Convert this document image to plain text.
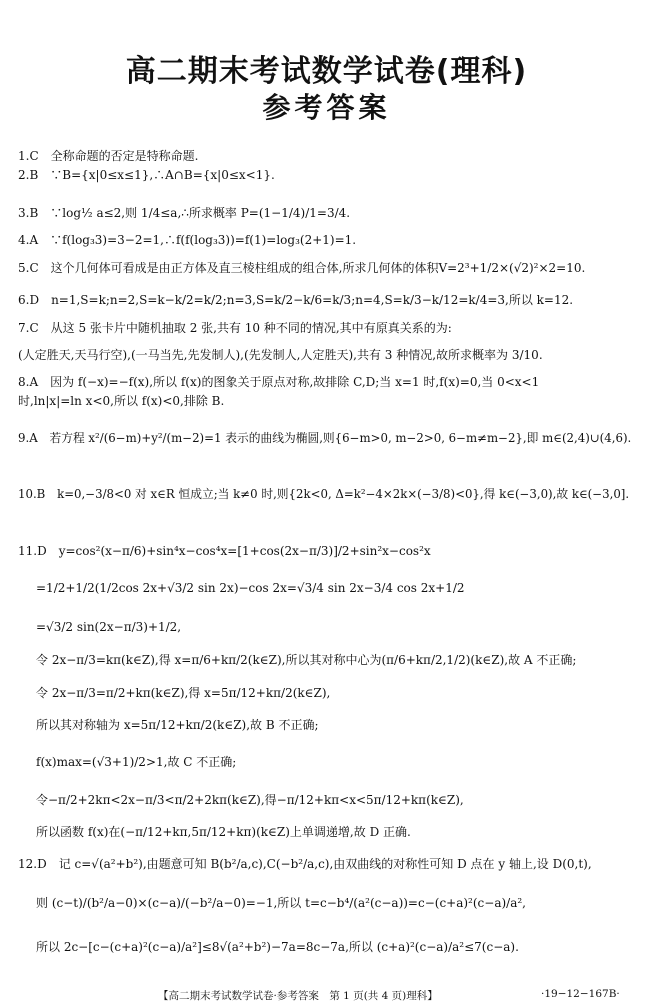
高二期末考试数学试卷(理科)
参考答案
1.C　全称命题的否定是特称命题.
2.B　∵B={x|0≤x≤1},∴A∩B={x|0≤x<1}.
3.B　∵log½ a≤2,则 1/4≤a,∴所求概率 P=(1−1/4)/1=3/4.
4.A　∵f(log₃3)=3−2=1,∴f(f(log₃3))=f(1)=log₃(2+1)=1.
5.C　这个几何体可看成是由正方体及直三棱柱组成的组合体,所求几何体的体积V=2³+1/2×(√2)²×2=10.
6.D　n=1,S=k;n=2,S=k−k/2=k/2;n=3,S=k/2−k/6=k/3;n=4,S=k/3−k/12=k/4=3,所以 k=12.
7.C　从这 5 张卡片中随机抽取 2 张,共有 10 种不同的情况,其中有原真关系的为:
(人定胜天,天马行空),(一马当先,先发制人),(先发制人,人定胜天),共有 3 种情况,故所求概率为 3/10.
8.A　因为 f(−x)=−f(x),所以 f(x)的图象关于原点对称,故排除 C,D;当 x=1 时,f(x)=0,当 0<x<1
时,ln|x|=ln x<0,所以 f(x)<0,排除 B.
9.A　若方程 x²/(6−m)+y²/(m−2)=1 表示的曲线为椭圆,则{6−m>0, m−2>0, 6−m≠m−2},即 m∈(2,4)∪(4,6).
10.B　k=0,−3/8<0 对 x∈R 恒成立;当 k≠0 时,则{2k<0, Δ=k²−4×2k×(−3/8)<0},得 k∈(−3,0),故 k∈(−3,0].
11.D　y=cos²(x−π/6)+sin⁴x−cos⁴x=[1+cos(2x−π/3)]/2+sin²x−cos²x
=1/2+1/2(1/2cos 2x+√3/2 sin 2x)−cos 2x=√3/4 sin 2x−3/4 cos 2x+1/2
=√3/2 sin(2x−π/3)+1/2,
令 2x−π/3=kπ(k∈Z),得 x=π/6+kπ/2(k∈Z),所以其对称中心为(π/6+kπ/2,1/2)(k∈Z),故 A 不正确;
令 2x−π/3=π/2+kπ(k∈Z),得 x=5π/12+kπ/2(k∈Z),
所以其对称轴为 x=5π/12+kπ/2(k∈Z),故 B 不正确;
f(x)max=(√3+1)/2>1,故 C 不正确;
令−π/2+2kπ<2x−π/3<π/2+2kπ(k∈Z),得−π/12+kπ<x<5π/12+kπ(k∈Z),
所以函数 f(x)在(−π/12+kπ,5π/12+kπ)(k∈Z)上单调递增,故 D 正确.
12.D　记 c=√(a²+b²),由题意可知 B(b²/a,c),C(−b²/a,c),由双曲线的对称性可知 D 点在 y 轴上,设 D(0,t),
则 (c−t)/(b²/a−0)×(c−a)/(−b²/a−0)=−1,所以 t=c−b⁴/(a²(c−a))=c−(c+a)²(c−a)/a²,
所以 2c−[c−(c+a)²(c−a)/a²]≤8√(a²+b²)−7a=8c−7a,所以 (c+a)²(c−a)/a²≤7(c−a).
【高二期末考试数学试卷·参考答案　第 1 页(共 4 页)理科】	·19−12−167B·
